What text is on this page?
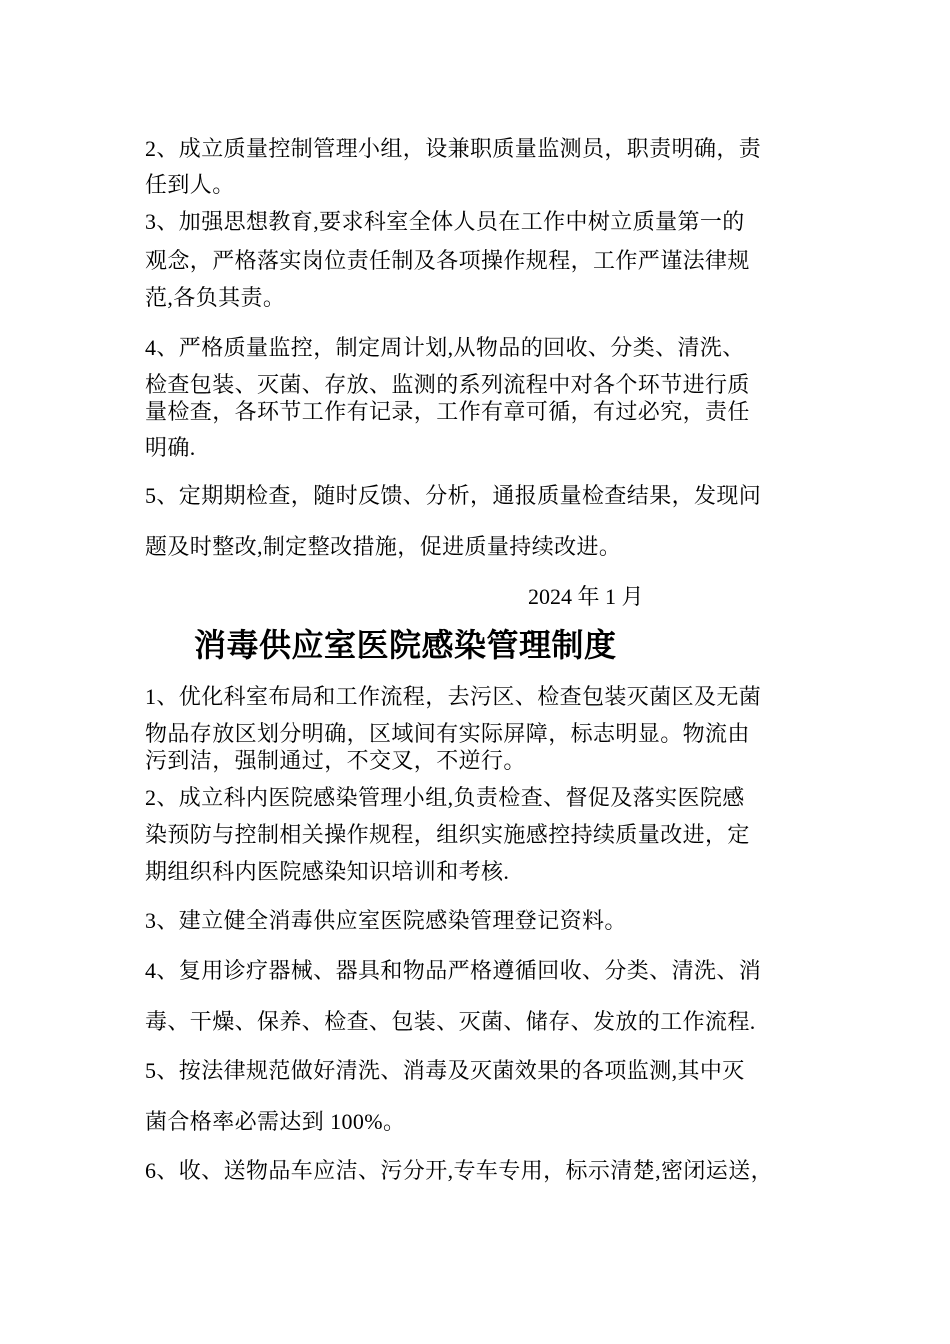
2、成立质量控制管理小组，设兼职质量监测员，职责明确，责
任到人。
3、加强思想教育,要求科室全体人员在工作中树立质量第一的
观念，严格落实岗位责任制及各项操作规程，工作严谨法律规
范,各负其责。
4、严格质量监控，制定周计划,从物品的回收、分类、清洗、
检查包装、灭菌、存放、监测的系列流程中对各个环节进行质
量检查，各环节工作有记录，工作有章可循，有过必究，责任
明确.
5、定期期检查，随时反馈、分析，通报质量检查结果，发现问
题及时整改,制定整改措施，促进质量持续改进。
2024 年 1 月
消毒供应室医院感染管理制度
1、优化科室布局和工作流程，去污区、检查包装灭菌区及无菌
物品存放区划分明确，区域间有实际屏障，标志明显。物流由
污到洁，强制通过，不交叉，不逆行。
2、成立科内医院感染管理小组,负责检查、督促及落实医院感
染预防与控制相关操作规程，组织实施感控持续质量改进，定
期组织科内医院感染知识培训和考核.
3、建立健全消毒供应室医院感染管理登记资料。
4、复用诊疗器械、器具和物品严格遵循回收、分类、清洗、消
毒、干燥、保养、检查、包装、灭菌、储存、发放的工作流程.
5、按法律规范做好清洗、消毒及灭菌效果的各项监测,其中灭
菌合格率必需达到 100%。
6、收、送物品车应洁、污分开,专车专用，标示清楚,密闭运送，
